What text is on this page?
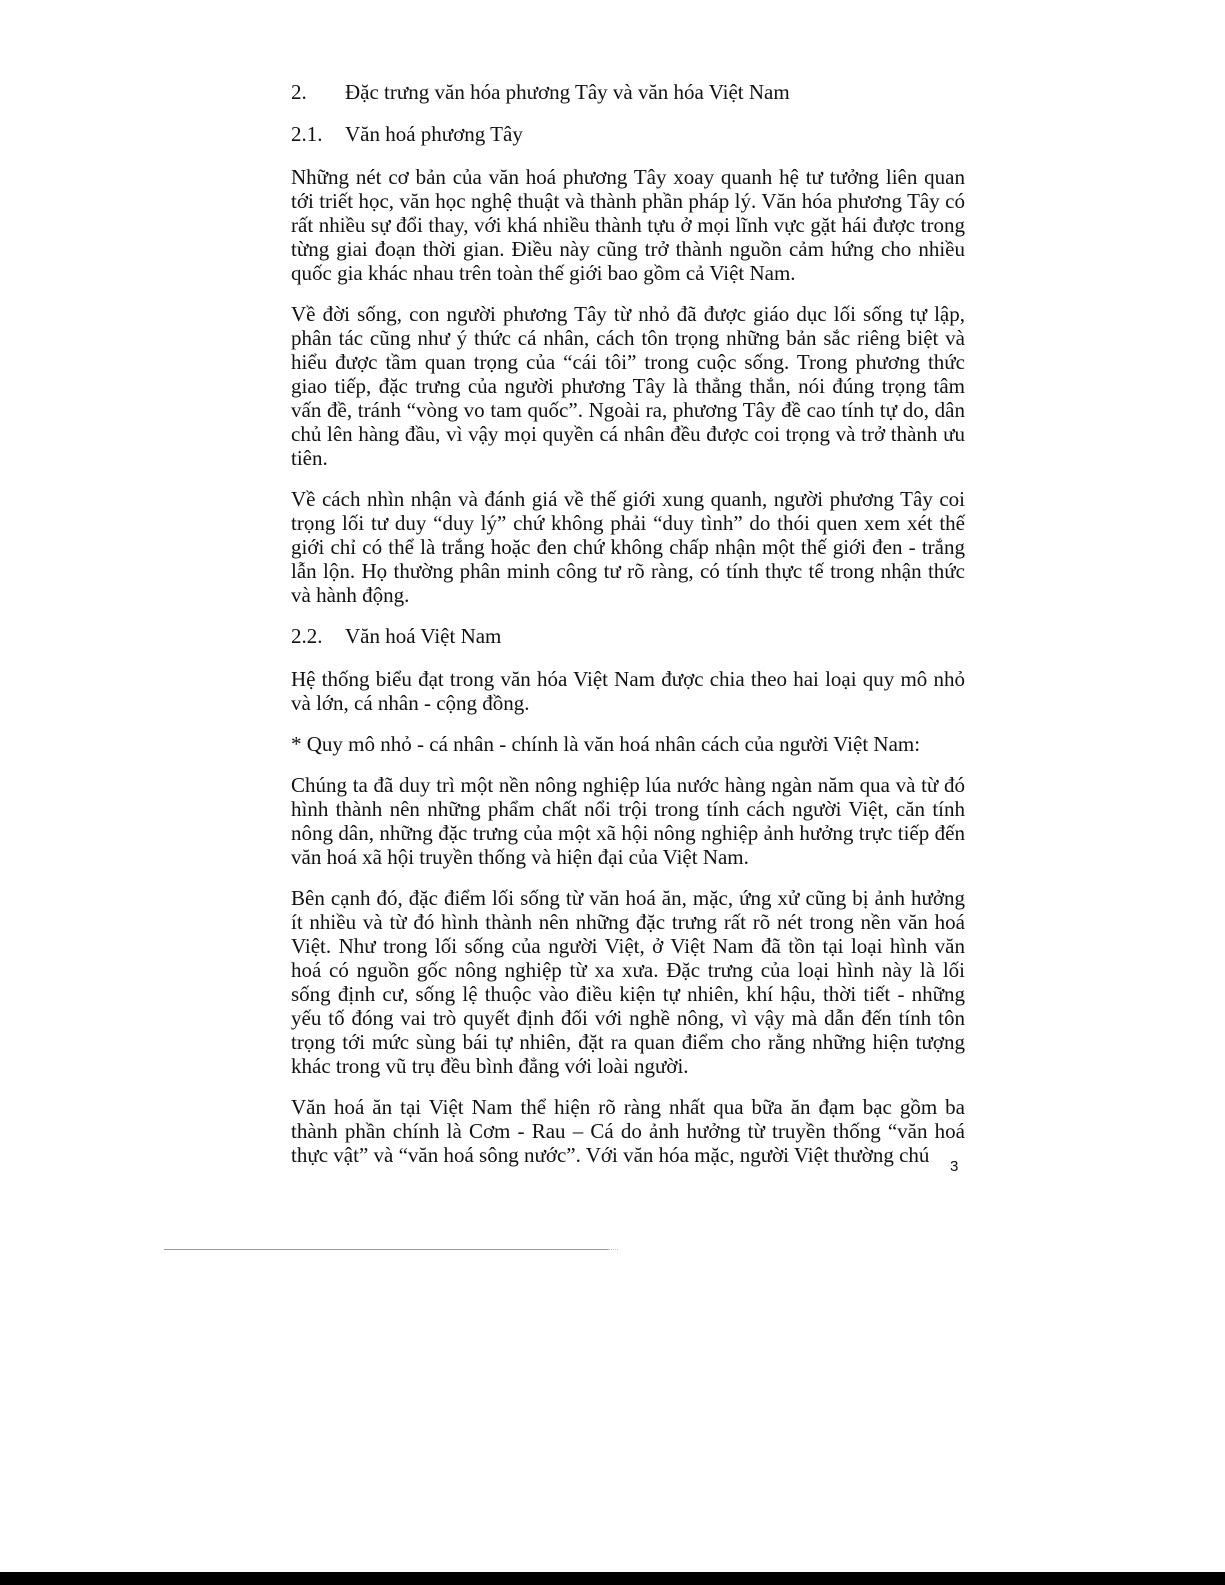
2.	Đặc trưng văn hóa phương Tây và văn hóa Việt Nam
2.1.	Văn hoá phương Tây

Những nét cơ bản của văn hoá phương Tây xoay quanh hệ tư tưởng liên quan tới triết học, văn học nghệ thuật và thành phần pháp lý. Văn hóa phương Tây có rất nhiều sự đổi thay, với khá nhiều thành tựu ở mọi lĩnh vực gặt hái được trong từng giai đoạn thời gian. Điều này cũng trở thành nguồn cảm hứng cho nhiều quốc gia khác nhau trên toàn thế giới bao gồm cả Việt Nam.

Về đời sống, con người phương Tây từ nhỏ đã được giáo dục lối sống tự lập, phân tác cũng như ý thức cá nhân, cách tôn trọng những bản sắc riêng biệt và hiểu được tầm quan trọng của “cái tôi” trong cuộc sống. Trong phương thức giao tiếp, đặc trưng của người phương Tây là thẳng thắn, nói đúng trọng tâm vấn đề, tránh “vòng vo tam quốc”. Ngoài ra, phương Tây đề cao tính tự do, dân chủ lên hàng đầu, vì vậy mọi quyền cá nhân đều được coi trọng và trở thành ưu tiên.

Về cách nhìn nhận và đánh giá về thế giới xung quanh, người phương Tây coi trọng lối tư duy “duy lý” chứ không phải “duy tình” do thói quen xem xét thế giới chỉ có thể là trắng hoặc đen chứ không chấp nhận một thế giới đen - trắng lẫn lộn. Họ thường phân minh công tư rõ ràng, có tính thực tế trong nhận thức và hành động.

2.2.	Văn hoá Việt Nam

Hệ thống biểu đạt trong văn hóa Việt Nam được chia theo hai loại quy mô nhỏ và lớn, cá nhân - cộng đồng.

* Quy mô nhỏ - cá nhân - chính là văn hoá nhân cách của người Việt Nam:

Chúng ta đã duy trì một nền nông nghiệp lúa nước hàng ngàn năm qua và từ đó hình thành nên những phẩm chất nổi trội trong tính cách người Việt, căn tính nông dân, những đặc trưng của một xã hội nông nghiệp ảnh hưởng trực tiếp đến văn hoá xã hội truyền thống và hiện đại của Việt Nam.

Bên cạnh đó, đặc điểm lối sống từ văn hoá ăn, mặc, ứng xử cũng bị ảnh hưởng ít nhiều và từ đó hình thành nên những đặc trưng rất rõ nét trong nền văn hoá Việt. Như trong lối sống của người Việt, ở Việt Nam đã tồn tại loại hình văn hoá có nguồn gốc nông nghiệp từ xa xưa. Đặc trưng của loại hình này là lối sống định cư, sống lệ thuộc vào điều kiện tự nhiên, khí hậu, thời tiết - những yếu tố đóng vai trò quyết định đối với nghề nông, vì vậy mà dẫn đến tính tôn trọng tới mức sùng bái tự nhiên, đặt ra quan điểm cho rằng những hiện tượng khác trong vũ trụ đều bình đẳng với loài người.

Văn hoá ăn tại Việt Nam thể hiện rõ ràng nhất qua bữa ăn đạm bạc gồm ba thành phần chính là Cơm - Rau – Cá do ảnh hưởng từ truyền thống “văn hoá thực vật” và “văn hoá sông nước”. Với văn hóa mặc, người Việt thường chú	3
